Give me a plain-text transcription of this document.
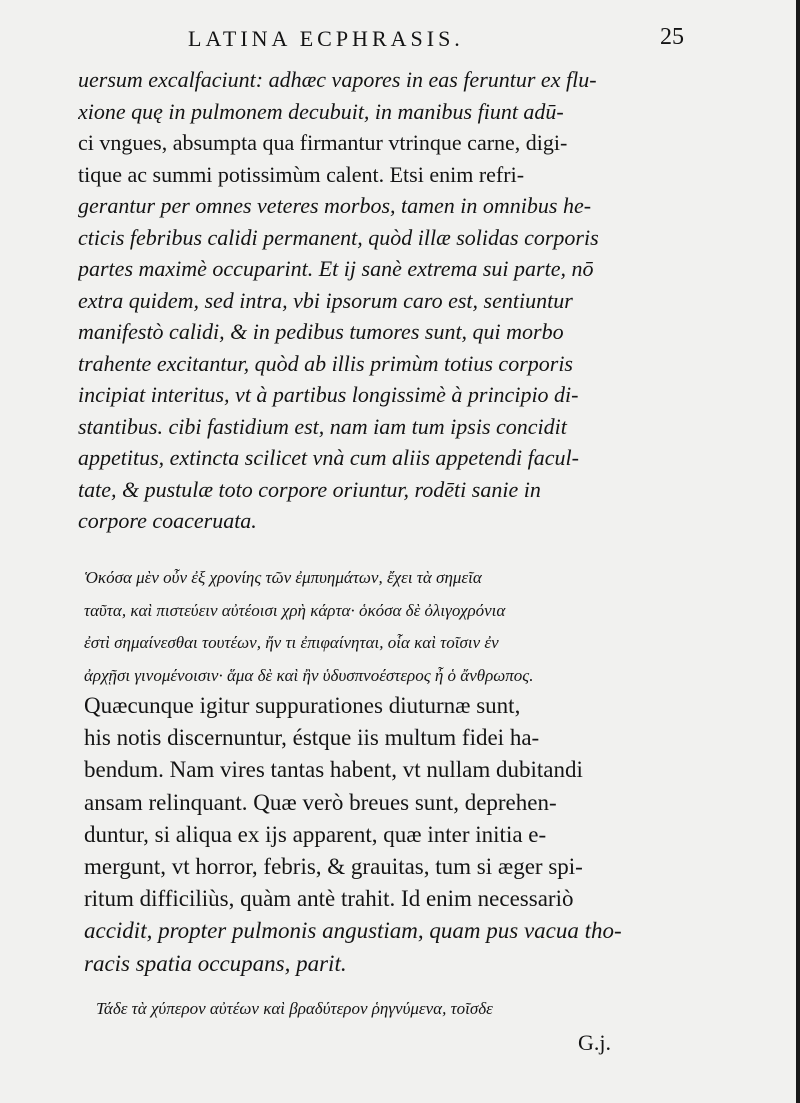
LATINA ECPHRASIS.	25
uersum excalfaciunt: adhæc vapores in eas feruntur ex flu-
xione quę in pulmonem decubuit, in manibus fiunt adū-
ci vngues, absumpta qua firmantur vtrinque carne, digi-
tique ac summi potissimùm calent. Etsi enim refri-
gerantur per omnes veteres morbos, tamen in omnibus he-
cticis febribus calidi permanent, quòd illæ solidas corporis
partes maximè occuparint. Et ij sanè extrema sui parte, nō
extra quidem, sed intra, vbi ipsorum caro est, sentiuntur
manifestò calidi, & in pedibus tumores sunt, qui morbo
trahente excitantur, quòd ab illis primùm totius corporis
incipiat interitus, vt à partibus longissimè à principio di-
stantibus. cibi fastidium est, nam iam tum ipsis concidit
appetitus, extincta scilicet vnà cum aliis appetendi facul-
tate, & pustulæ toto corpore oriuntur, rodēti sanie in
corpore coaceruata.
Ὁκόσα μὲν οὖν ἐξ χρονίης τῶν ἐμπυημάτων, ἔχει τὰ σημεῖα
ταῦτα, καὶ πιστεύειν αὐτέοισι χρὴ κάρτα· ὁκόσα δὲ ὀλιγοχρόνια
ἐστὶ σημαίνεσθαι τουτέων, ἤν τι ἐπιφαίνηται, οἷα καὶ τοῖσιν ἐν
ἀρχῇσι γινομένοισιν· ἅμα δὲ καὶ ἢν ὑδυσπνοέστερος ἦ ὁ ἄνθρωπος.
Quæcunque igitur suppurationes diuturnæ sunt,
his notis discernuntur, éstque iis multum fidei ha-
bendum. Nam vires tantas habent, vt nullam dubitandi
ansam relinquant. Quæ verò breues sunt, deprehen-
duntur, si aliqua ex ijs apparent, quæ inter initia e-
mergunt, vt horror, febris, & grauitas, tum si æger spi-
ritum difficiliùs, quàm antè trahit. Id enim necessariò
accidit, propter pulmonis angustiam, quam pus vacua tho-
racis spatia occupans, parit.
Τάδε τὰ χύπερον αὐτέων καὶ βραδύτερον ῥηγνύμενα, τοῖσδε
G.j.
